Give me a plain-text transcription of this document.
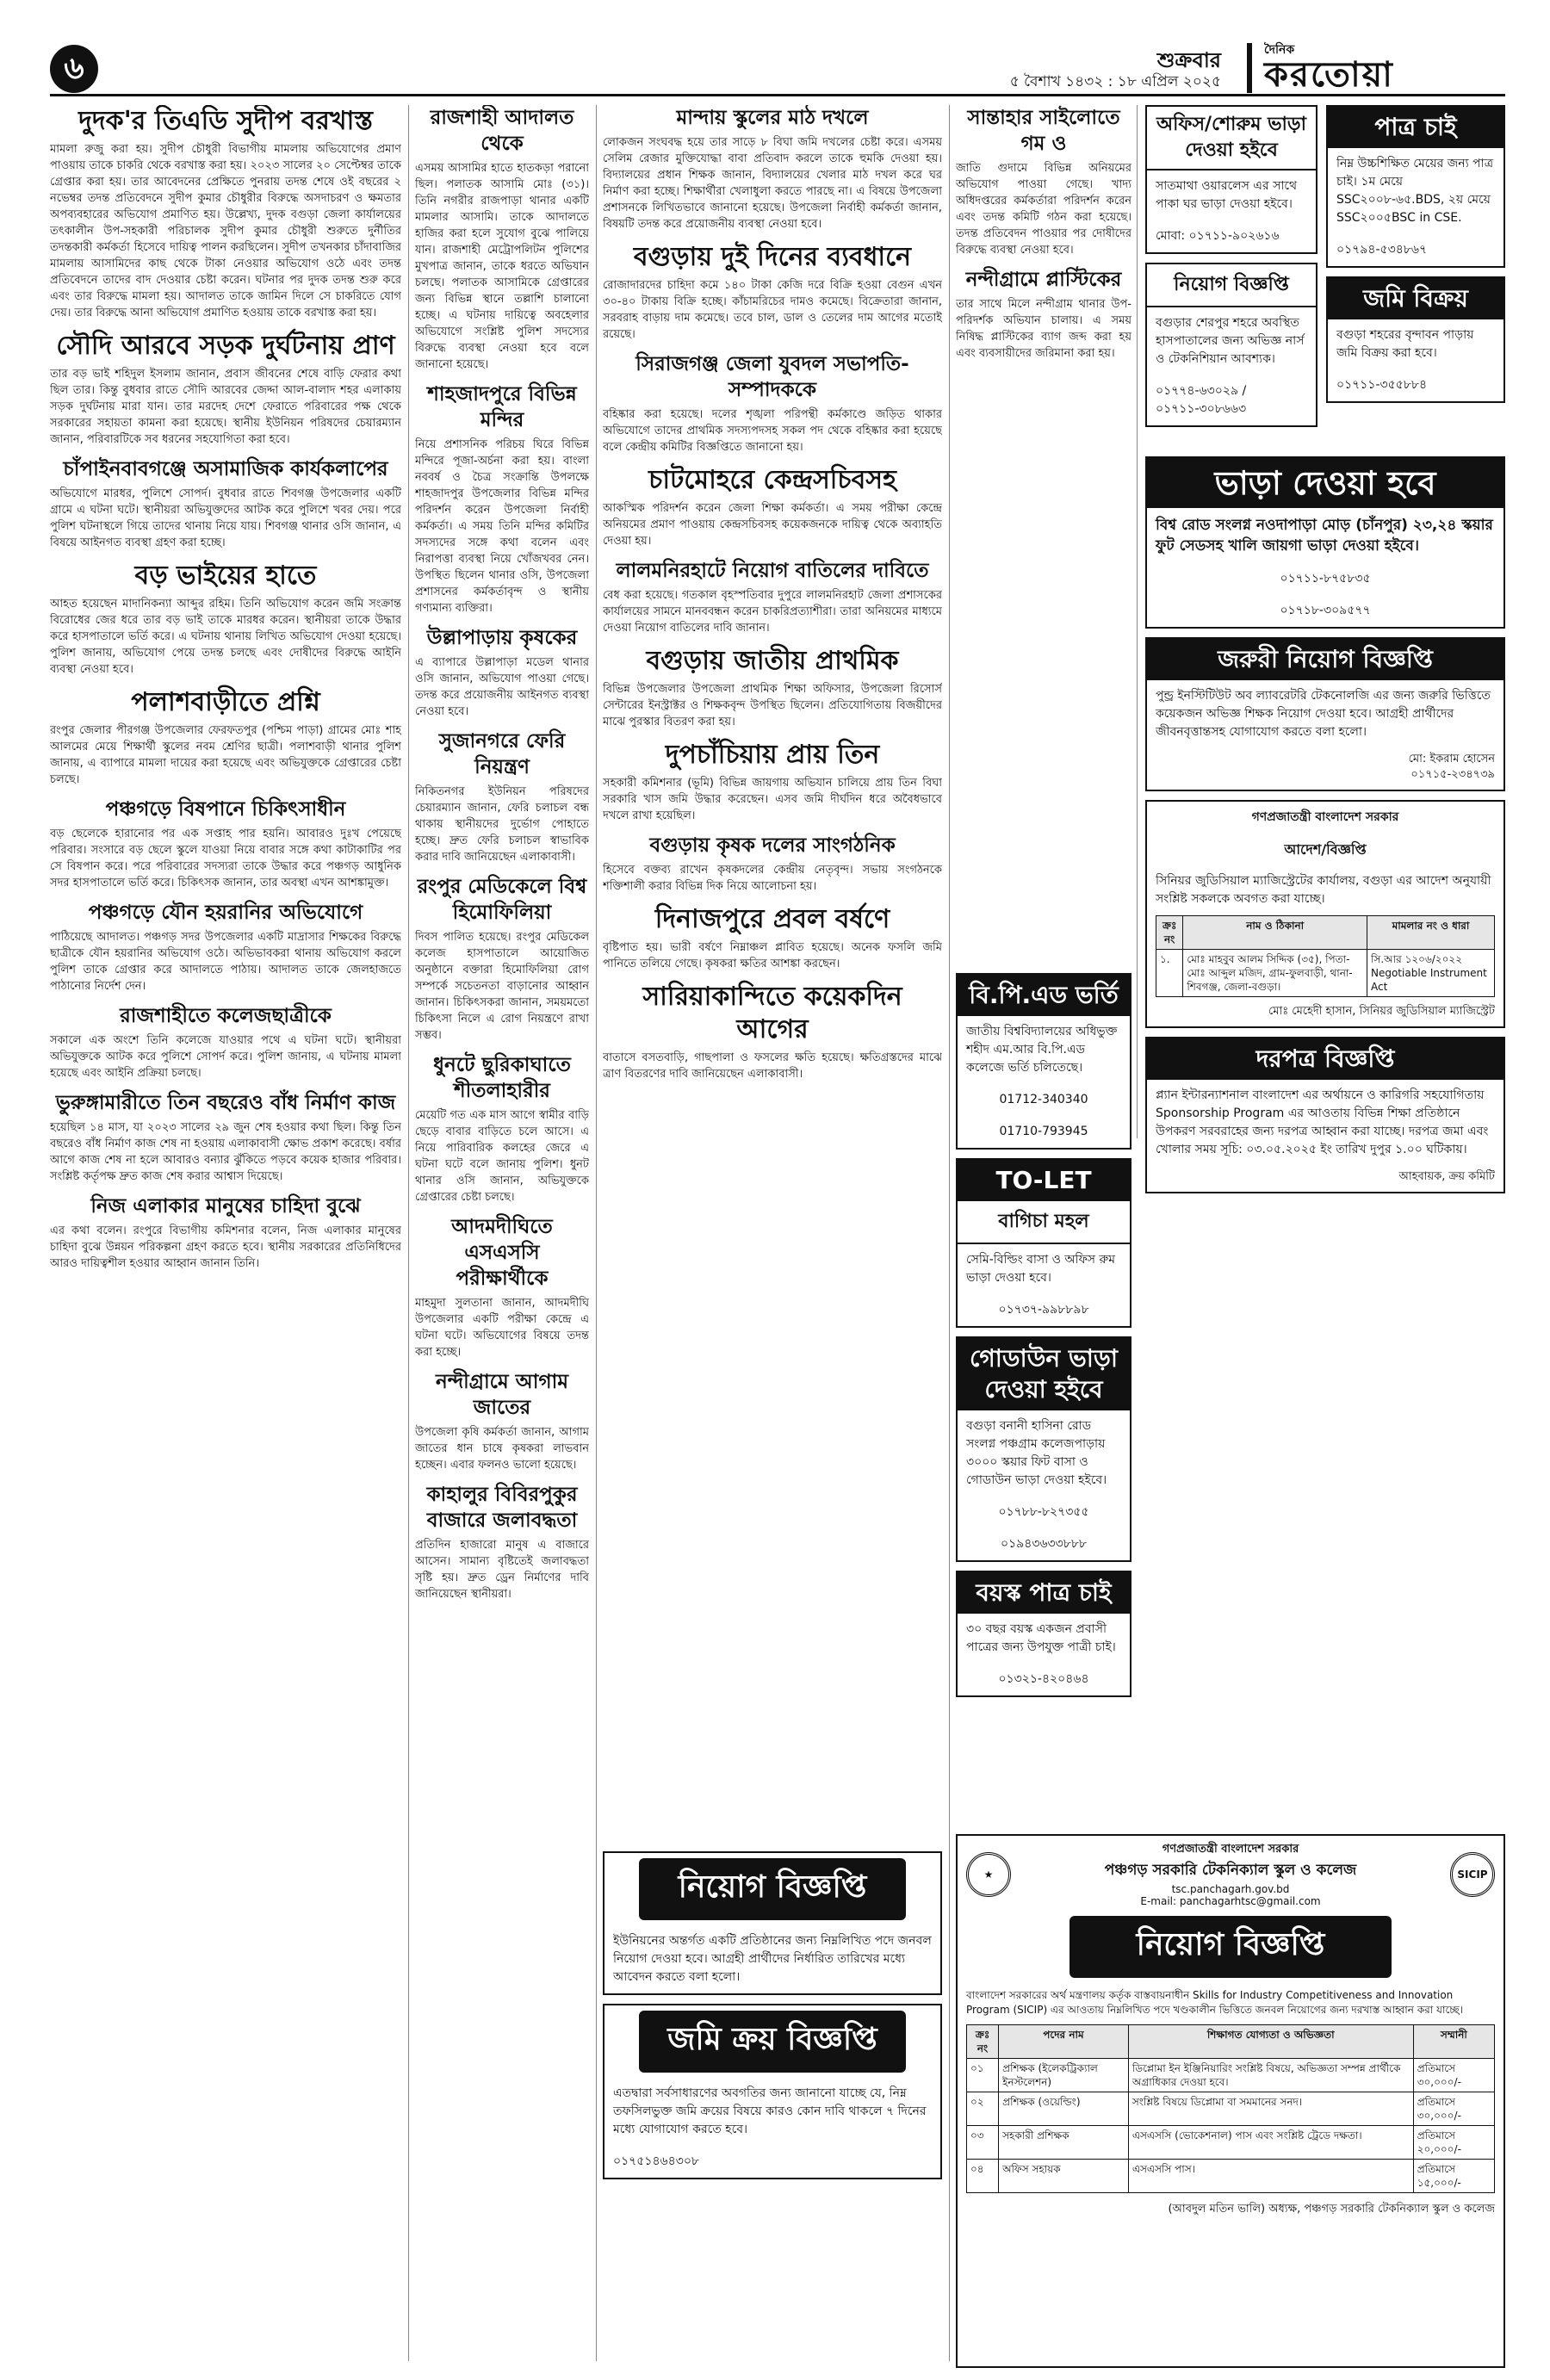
৬	শুক্রবার
৫ বৈশাখ ১৪৩২ : ১৮ এপ্রিল ২০২৫
দৈনিক
করতোয়া
দুদক'র তিএডি সুদীপ বরখাস্ত

মামলা রুজু করা হয়। সুদীপ চৌধুরী বিভাগীয় মামলায় অভিযোগের প্রমাণ পাওয়ায় তাকে চাকরি থেকে বরখাস্ত করা হয়। ২০২৩ সালের ২০ সেপ্টেম্বর তাকে গ্রেপ্তার করা হয়। তার আবেদনের প্রেক্ষিতে পুনরায় তদন্ত শেষে ওই বছরের ২ নভেম্বর তদন্ত প্রতিবেদনে সুদীপ কুমার চৌধুরীর বিরুদ্ধে অসদাচরণ ও ক্ষমতার অপব্যবহারের অভিযোগ প্রমাণিত হয়। উল্লেখ্য, দুদক বগুড়া জেলা কার্যালয়ের তৎকালীন উপ-সহকারী পরিচালক সুদীপ কুমার চৌধুরী শুরুতে দুর্নীতির তদন্তকারী কর্মকর্তা হিসেবে দায়িত্ব পালন করছিলেন। সুদীপ তখনকার চাঁদাবাজির মামলায় আসামিদের কাছ থেকে টাকা নেওয়ার অভিযোগ ওঠে এবং তদন্ত প্রতিবেদনে তাদের বাদ দেওয়ার চেষ্টা করেন। ঘটনার পর দুদক তদন্ত শুরু করে এবং তার বিরুদ্ধে মামলা হয়। আদালত তাকে জামিন দিলে সে চাকরিতে যোগ দেয়। তার বিরুদ্ধে আনা অভিযোগ প্রমাণিত হওয়ায় তাকে বরখাস্ত করা হয়।

সৌদি আরবে সড়ক দুর্ঘটনায় প্রাণ

তার বড় ভাই শহিদুল ইসলাম জানান, প্রবাস জীবনের শেষে বাড়ি ফেরার কথা ছিল তার। কিন্তু বুধবার রাতে সৌদি আরবের জেদ্দা আল-বালাদ শহর এলাকায় সড়ক দুর্ঘটনায় মারা যান। তার মরদেহ দেশে ফেরাতে পরিবারের পক্ষ থেকে সরকারের সহায়তা কামনা করা হয়েছে। স্থানীয় ইউনিয়ন পরিষদের চেয়ারম্যান জানান, পরিবারটিকে সব ধরনের সহযোগিতা করা হবে।

চাঁপাইনবাবগঞ্জে অসামাজিক কার্যকলাপের

অভিযোগে মারধর, পুলিশে সোপর্দ। বুধবার রাতে শিবগঞ্জ উপজেলার একটি গ্রামে এ ঘটনা ঘটে। স্থানীয়রা অভিযুক্তদের আটক করে পুলিশে খবর দেয়। পরে পুলিশ ঘটনাস্থলে গিয়ে তাদের থানায় নিয়ে যায়। শিবগঞ্জ থানার ওসি জানান, এ বিষয়ে আইনগত ব্যবস্থা গ্রহণ করা হচ্ছে।

বড় ভাইয়ের হাতে

আহত হয়েছেন মাদানিকন্যা আব্দুর রহিম। তিনি অভিযোগ করেন জমি সংক্রান্ত বিরোধের জের ধরে তার বড় ভাই তাকে মারধর করেন। স্থানীয়রা তাকে উদ্ধার করে হাসপাতালে ভর্তি করে। এ ঘটনায় থানায় লিখিত অভিযোগ দেওয়া হয়েছে। পুলিশ জানায়, অভিযোগ পেয়ে তদন্ত চলছে এবং দোষীদের বিরুদ্ধে আইনি ব্যবস্থা নেওয়া হবে।

পলাশবাড়ীতে প্রশ্নি

রংপুর জেলার পীরগঞ্জ উপজেলার ফেরফতপুর (পশ্চিম পাড়া) গ্রামের মোঃ শাহ আলমের মেয়ে শিক্ষার্থী স্কুলের নবম শ্রেণির ছাত্রী। পলাশবাড়ী থানার পুলিশ জানায়, এ ব্যাপারে মামলা দায়ের করা হয়েছে এবং অভিযুক্তকে গ্রেপ্তারের চেষ্টা চলছে।

পঞ্চগড়ে বিষপানে চিকিৎসাধীন

বড় ছেলেকে হারানোর পর এক সপ্তাহ পার হয়নি। আবারও দুঃখ পেয়েছে পরিবার। সংসারে বড় ছেলে স্কুলে যাওয়া নিয়ে বাবার সঙ্গে কথা কাটাকাটির পর সে বিষপান করে। পরে পরিবারের সদস্যরা তাকে উদ্ধার করে পঞ্চগড় আধুনিক সদর হাসপাতালে ভর্তি করে। চিকিৎসক জানান, তার অবস্থা এখন আশঙ্কামুক্ত।

পঞ্চগড়ে যৌন হয়রানির অভিযোগে

পাঠিয়েছে আদালত। পঞ্চগড় সদর উপজেলার একটি মাদ্রাসার শিক্ষকের বিরুদ্ধে ছাত্রীকে যৌন হয়রানির অভিযোগ ওঠে। অভিভাবকরা থানায় অভিযোগ করলে পুলিশ তাকে গ্রেপ্তার করে আদালতে পাঠায়। আদালত তাকে জেলহাজতে পাঠানোর নির্দেশ দেন।

রাজশাহীতে কলেজছাত্রীকে

সকালে এক অংশে তিনি কলেজে যাওয়ার পথে এ ঘটনা ঘটে। স্থানীয়রা অভিযুক্তকে আটক করে পুলিশে সোপর্দ করে। পুলিশ জানায়, এ ঘটনায় মামলা হয়েছে এবং আইনি প্রক্রিয়া চলছে।

ভুরুঙ্গামারীতে তিন বছরেও বাঁধ নির্মাণ কাজ

হয়েছিল ১৪ মাস, যা ২০২৩ সালের ২৯ জুন শেষ হওয়ার কথা ছিল। কিন্তু তিন বছরেও বাঁধ নির্মাণ কাজ শেষ না হওয়ায় এলাকাবাসী ক্ষোভ প্রকাশ করেছে। বর্ষার আগে কাজ শেষ না হলে আবারও বন্যার ঝুঁকিতে পড়বে কয়েক হাজার পরিবার। সংশ্লিষ্ট কর্তৃপক্ষ দ্রুত কাজ শেষ করার আশ্বাস দিয়েছে।

নিজ এলাকার মানুষের চাহিদা বুঝে

এর কথা বলেন। রংপুরে বিভাগীয় কমিশনার বলেন, নিজ এলাকার মানুষের চাহিদা বুঝে উন্নয়ন পরিকল্পনা গ্রহণ করতে হবে। স্থানীয় সরকারের প্রতিনিধিদের আরও দায়িত্বশীল হওয়ার আহ্বান জানান তিনি।

রাজশাহী আদালত থেকে

এসময় আসামির হাতে হাতকড়া পরানো ছিল। পলাতক আসামি মোঃ (৩১)। তিনি নগরীর রাজপাড়া থানার একটি মামলার আসামি। তাকে আদালতে হাজির করা হলে সুযোগ বুঝে পালিয়ে যান। রাজশাহী মেট্রোপলিটন পুলিশের মুখপাত্র জানান, তাকে ধরতে অভিযান চলছে। পলাতক আসামিকে গ্রেপ্তারের জন্য বিভিন্ন স্থানে তল্লাশি চালানো হচ্ছে। এ ঘটনায় দায়িত্বে অবহেলার অভিযোগে সংশ্লিষ্ট পুলিশ সদস্যের বিরুদ্ধে ব্যবস্থা নেওয়া হবে বলে জানানো হয়েছে।

শাহজাদপুরে বিভিন্ন মন্দির

নিয়ে প্রশাসনিক পরিচয় ঘিরে বিভিন্ন মন্দিরে পূজা-অর্চনা করা হয়। বাংলা নববর্ষ ও চৈত্র সংক্রান্তি উপলক্ষে শাহজাদপুর উপজেলার বিভিন্ন মন্দির পরিদর্শন করেন উপজেলা নির্বাহী কর্মকর্তা। এ সময় তিনি মন্দির কমিটির সদস্যদের সঙ্গে কথা বলেন এবং নিরাপত্তা ব্যবস্থা নিয়ে খোঁজখবর নেন। উপস্থিত ছিলেন থানার ওসি, উপজেলা প্রশাসনের কর্মকর্তাবৃন্দ ও স্থানীয় গণ্যমান্য ব্যক্তিরা।

উল্লাপাড়ায় কৃষকের

এ ব্যাপারে উল্লাপাড়া মডেল থানার ওসি জানান, অভিযোগ পাওয়া গেছে। তদন্ত করে প্রয়োজনীয় আইনগত ব্যবস্থা নেওয়া হবে।

সুজানগরে ফেরি নিয়ন্ত্রণ

নিকিতনগর ইউনিয়ন পরিষদের চেয়ারম্যান জানান, ফেরি চলাচল বন্ধ থাকায় স্থানীয়দের দুর্ভোগ পোহাতে হচ্ছে। দ্রুত ফেরি চলাচল স্বাভাবিক করার দাবি জানিয়েছেন এলাকাবাসী।

রংপুর মেডিকেলে বিশ্ব হিমোফিলিয়া

দিবস পালিত হয়েছে। রংপুর মেডিকেল কলেজ হাসপাতালে আয়োজিত অনুষ্ঠানে বক্তারা হিমোফিলিয়া রোগ সম্পর্কে সচেতনতা বাড়ানোর আহ্বান জানান। চিকিৎসকরা জানান, সময়মতো চিকিৎসা নিলে এ রোগ নিয়ন্ত্রণে রাখা সম্ভব।

ধুনটে ছুরিকাঘাতে শীতলাহারীর

মেয়েটি গত এক মাস আগে স্বামীর বাড়ি ছেড়ে বাবার বাড়িতে চলে আসে। এ নিয়ে পারিবারিক কলহের জেরে এ ঘটনা ঘটে বলে জানায় পুলিশ। ধুনট থানার ওসি জানান, অভিযুক্তকে গ্রেপ্তারের চেষ্টা চলছে।

আদমদীঘিতে এসএসসি পরীক্ষার্থীকে

মাহমুদা সুলতানা জানান, আদমদীঘি উপজেলার একটি পরীক্ষা কেন্দ্রে এ ঘটনা ঘটে। অভিযোগের বিষয়ে তদন্ত করা হচ্ছে।

নন্দীগ্রামে আগাম জাতের

উপজেলা কৃষি কর্মকর্তা জানান, আগাম জাতের ধান চাষে কৃষকরা লাভবান হচ্ছেন। এবার ফলনও ভালো হয়েছে।

কাহালুর বিবিরপুকুর বাজারে জলাবদ্ধতা

প্রতিদিন হাজারো মানুষ এ বাজারে আসেন। সামান্য বৃষ্টিতেই জলাবদ্ধতা সৃষ্টি হয়। দ্রুত ড্রেন নির্মাণের দাবি জানিয়েছেন স্থানীয়রা।

মান্দায় স্কুলের মাঠ দখলে

লোকজন সংঘবদ্ধ হয়ে তার সাড়ে ৮ বিঘা জমি দখলের চেষ্টা করে। এসময় সেলিম রেজার মুক্তিযোদ্ধা বাবা প্রতিবাদ করলে তাকে হুমকি দেওয়া হয়। বিদ্যালয়ের প্রধান শিক্ষক জানান, বিদ্যালয়ের খেলার মাঠ দখল করে ঘর নির্মাণ করা হচ্ছে। শিক্ষার্থীরা খেলাধুলা করতে পারছে না। এ বিষয়ে উপজেলা প্রশাসনকে লিখিতভাবে জানানো হয়েছে। উপজেলা নির্বাহী কর্মকর্তা জানান, বিষয়টি তদন্ত করে প্রয়োজনীয় ব্যবস্থা নেওয়া হবে।

বগুড়ায় দুই দিনের ব্যবধানে

রোজাদারদের চাহিদা কমে ১৪০ টাকা কেজি দরে বিক্রি হওয়া বেগুন এখন ৩০-৪০ টাকায় বিক্রি হচ্ছে। কাঁচামরিচের দামও কমেছে। বিক্রেতারা জানান, সরবরাহ বাড়ায় দাম কমেছে। তবে চাল, ডাল ও তেলের দাম আগের মতোই রয়েছে।

সিরাজগঞ্জ জেলা যুবদল সভাপতি-সম্পাদককে

বহিষ্কার করা হয়েছে। দলের শৃঙ্খলা পরিপন্থী কর্মকাণ্ডে জড়িত থাকার অভিযোগে তাদের প্রাথমিক সদস্যপদসহ সকল পদ থেকে বহিষ্কার করা হয়েছে বলে কেন্দ্রীয় কমিটির বিজ্ঞপ্তিতে জানানো হয়।

চাটমোহরে কেন্দ্রসচিবসহ

আকস্মিক পরিদর্শন করেন জেলা শিক্ষা কর্মকর্তা। এ সময় পরীক্ষা কেন্দ্রে অনিয়মের প্রমাণ পাওয়ায় কেন্দ্রসচিবসহ কয়েকজনকে দায়িত্ব থেকে অব্যাহতি দেওয়া হয়।

লালমনিরহাটে নিয়োগ বাতিলের দাবিতে

বেধ করা হয়েছে। গতকাল বৃহস্পতিবার দুপুরে লালমনিরহাট জেলা প্রশাসকের কার্যালয়ের সামনে মানববন্ধন করেন চাকরিপ্রত্যাশীরা। তারা অনিয়মের মাধ্যমে দেওয়া নিয়োগ বাতিলের দাবি জানান।

বগুড়ায় জাতীয় প্রাথমিক

বিভিন্ন উপজেলার উপজেলা প্রাথমিক শিক্ষা অফিসার, উপজেলা রিসোর্স সেন্টারের ইনস্ট্রাক্টর ও শিক্ষকবৃন্দ উপস্থিত ছিলেন। প্রতিযোগিতায় বিজয়ীদের মাঝে পুরস্কার বিতরণ করা হয়।

দুপচাঁচিয়ায় প্রায় তিন

সহকারী কমিশনার (ভূমি) বিভিন্ন জায়গায় অভিযান চালিয়ে প্রায় তিন বিঘা সরকারি খাস জমি উদ্ধার করেছেন। এসব জমি দীর্ঘদিন ধরে অবৈধভাবে দখলে রাখা হয়েছিল।

বগুড়ায় কৃষক দলের সাংগঠনিক

হিসেবে বক্তব্য রাখেন কৃষকদলের কেন্দ্রীয় নেতৃবৃন্দ। সভায় সংগঠনকে শক্তিশালী করার বিভিন্ন দিক নিয়ে আলোচনা হয়।

দিনাজপুরে প্রবল বর্ষণে

বৃষ্টিপাত হয়। ভারী বর্ষণে নিম্নাঞ্চল প্লাবিত হয়েছে। অনেক ফসলি জমি পানিতে তলিয়ে গেছে। কৃষকরা ক্ষতির আশঙ্কা করছেন।

সারিয়াকান্দিতে কয়েকদিন আগের

বাতাসে বসতবাড়ি, গাছপালা ও ফসলের ক্ষতি হয়েছে। ক্ষতিগ্রস্তদের মাঝে ত্রাণ বিতরণের দাবি জানিয়েছেন এলাকাবাসী।

নিয়োগ বিজ্ঞপ্তি
ইউনিয়নের অন্তর্গত একটি প্রতিষ্ঠানের জন্য নিম্নলিখিত পদে জনবল নিয়োগ দেওয়া হবে। আগ্রহী প্রার্থীদের নির্ধারিত তারিখের মধ্যে আবেদন করতে বলা হলো।
জমি ক্রয় বিজ্ঞপ্তি
এতদ্বারা সর্বসাধারণের অবগতির জন্য জানানো যাচ্ছে যে, নিম্ন তফসিলভুক্ত জমি ক্রয়ের বিষয়ে কারও কোন দাবি থাকলে ৭ দিনের মধ্যে যোগাযোগ করতে হবে।
০১৭৫১৪৬৪৩০৮
সান্তাহার সাইলোতে গম ও

জাতি গুদামে বিভিন্ন অনিয়মের অভিযোগ পাওয়া গেছে। খাদ্য অধিদপ্তরের কর্মকর্তারা পরিদর্শন করেন এবং তদন্ত কমিটি গঠন করা হয়েছে। তদন্ত প্রতিবেদন পাওয়ার পর দোষীদের বিরুদ্ধে ব্যবস্থা নেওয়া হবে।

নন্দীগ্রামে প্লাস্টিকের

তার সাথে মিলে নন্দীগ্রাম থানার উপ-পরিদর্শক অভিযান চালায়। এ সময় নিষিদ্ধ প্লাস্টিকের ব্যাগ জব্দ করা হয় এবং ব্যবসায়ীদের জরিমানা করা হয়।

বি.পি.এড ভর্তি
জাতীয় বিশ্ববিদ্যালয়ের অধিভুক্ত শহীদ এম.আর বি.পি.এড কলেজে ভর্তি চলিতেছে।
01712-340340
01710-793945
TO-LET
বাগিচা মহল
সেমি-বিল্ডিং বাসা ও অফিস রুম ভাড়া দেওয়া হবে।
০১৭৩৭-৯৯৮৮৯৮
গোডাউন ভাড়া দেওয়া হইবে
বগুড়া বনানী হাসিনা রোড সংলগ্ন পঞ্চগ্রাম কলেজপাড়ায় ৩০০০ স্কয়ার ফিট বাসা ও গোডাউন ভাড়া দেওয়া হইবে।
০১৭৮৮-৮২৭৩৫৫
০১৯৪৩৬৩৩৮৮৮
বয়স্ক পাত্র চাই
৩০ বছর বয়স্ক একজন প্রবাসী পাত্রের জন্য উপযুক্ত পাত্রী চাই।
০১৩২১-৪২০৪৬৪
অফিস/শোরুম ভাড়া দেওয়া হইবে
সাতমাথা ওয়ারলেস এর সাথে পাকা ঘর ভাড়া দেওয়া হইবে।
মোবা: ০১৭১১-৯০২৬১৬
নিয়োগ বিজ্ঞপ্তি
বগুড়ার শেরপুর শহরে অবস্থিত হাসপাতালের জন্য অভিজ্ঞ নার্স ও টেকনিশিয়ান আবশ্যক।
০১৭৭৪-৬৩০২৯ / ০১৭১১-৩০৮৬৬৩
পাত্র চাই
নিম্ন উচ্চশিক্ষিত মেয়ের জন্য পাত্র চাই। ১ম মেয়ে SSC২০০৮-৬৫.BDS, ২য় মেয়ে SSC২০০৫BSC in CSE.
০১৭৯৪-৫৩৪৮৬৭
জমি বিক্রয়
বগুড়া শহরের বৃন্দাবন পাড়ায় জমি বিক্রয় করা হবে।
০১৭১১-৩৫৫৮৮৪
ভাড়া দেওয়া হবে
বিশ্ব রোড সংলগ্ন নওদাপাড়া মোড় (চাঁনপুর) ২৩,২৪ স্কয়ার ফুট সেডসহ খালি জায়গা ভাড়া দেওয়া হইবে।
০১৭১১-৮৭৫৮৩৫
০১৭১৮-৩০৯৫৭৭
জরুরী নিয়োগ বিজ্ঞপ্তি
পুন্ড্র ইনস্টিটিউট অব ল্যাবরেটরি টেকনোলজি এর জন্য জরুরি ভিত্তিতে কয়েকজন অভিজ্ঞ শিক্ষক নিয়োগ দেওয়া হবে। আগ্রহী প্রার্থীদের জীবনবৃত্তান্তসহ যোগাযোগ করতে বলা হলো।
মো: ইকরাম হোসেন
০১৭১৫-২৩৪৭৩৯
গণপ্রজাতন্ত্রী বাংলাদেশ সরকার
আদেশ/বিজ্ঞপ্তি
সিনিয়র জুডিসিয়াল ম্যাজিস্ট্রেটের কার্যালয়, বগুড়া এর আদেশ অনুযায়ী সংশ্লিষ্ট সকলকে অবগত করা যাচ্ছে।
ক্রঃ নং	নাম ও ঠিকানা	মামলার নং ও ধারা
১.	মোঃ মাহবুব আলম সিদ্দিক (৩৫), পিতা-মোঃ আব্দুল মজিদ, গ্রাম-ফুলবাড়ী, থানা-শিবগঞ্জ, জেলা-বগুড়া।	সি.আর ১২০৬/২০২২ Negotiable Instrument Act
মোঃ মেহেদী হাসান, সিনিয়র জুডিসিয়াল ম্যাজিস্ট্রেট
দরপত্র বিজ্ঞপ্তি
প্ল্যান ইন্টারন্যাশনাল বাংলাদেশ এর অর্থায়নে ও কারিগরি সহযোগিতায় Sponsorship Program এর আওতায় বিভিন্ন শিক্ষা প্রতিষ্ঠানে উপকরণ সরবরাহের জন্য দরপত্র আহ্বান করা যাচ্ছে। দরপত্র জমা এবং খোলার সময় সূচি: ০৩.০৫.২০২৫ ইং তারিখ দুপুর ১.০০ ঘটিকায়।
আহবায়ক, ক্রয় কমিটি
★
গণপ্রজাতন্ত্রী বাংলাদেশ সরকার
পঞ্চগড় সরকারি টেকনিক্যাল স্কুল ও কলেজ
tsc.panchagarh.gov.bd
E-mail: panchagarhtsc@gmail.com
SICIP
নিয়োগ বিজ্ঞপ্তি
বাংলাদেশ সরকারের অর্থ মন্ত্রণালয় কর্তৃক বাস্তবায়নাধীন Skills for Industry Competitiveness and Innovation Program (SICIP) এর আওতায় নিম্নলিখিত পদে খণ্ডকালীন ভিত্তিতে জনবল নিয়োগের জন্য দরখাস্ত আহ্বান করা যাচ্ছে।
ক্রঃ নং	পদের নাম	শিক্ষাগত যোগ্যতা ও অভিজ্ঞতা	সম্মানী
০১	প্রশিক্ষক (ইলেকট্রিক্যাল ইনস্টলেশন)	ডিপ্লোমা ইন ইঞ্জিনিয়ারিং সংশ্লিষ্ট বিষয়ে, অভিজ্ঞতা সম্পন্ন প্রার্থীকে অগ্রাধিকার দেওয়া হবে।	প্রতিমাসে ৩০,০০০/-
০২	প্রশিক্ষক (ওয়েল্ডিং)	সংশ্লিষ্ট বিষয়ে ডিপ্লোমা বা সমমানের সনদ।	প্রতিমাসে ৩০,০০০/-
০৩	সহকারী প্রশিক্ষক	এসএসসি (ভোকেশনাল) পাস এবং সংশ্লিষ্ট ট্রেডে দক্ষতা।	প্রতিমাসে ২০,০০০/-
০৪	অফিস সহায়ক	এসএসসি পাস।	প্রতিমাসে ১৫,০০০/-
(আবদুল মতিন ভালি) অধ্যক্ষ, পঞ্চগড় সরকারি টেকনিক্যাল স্কুল ও কলেজ
